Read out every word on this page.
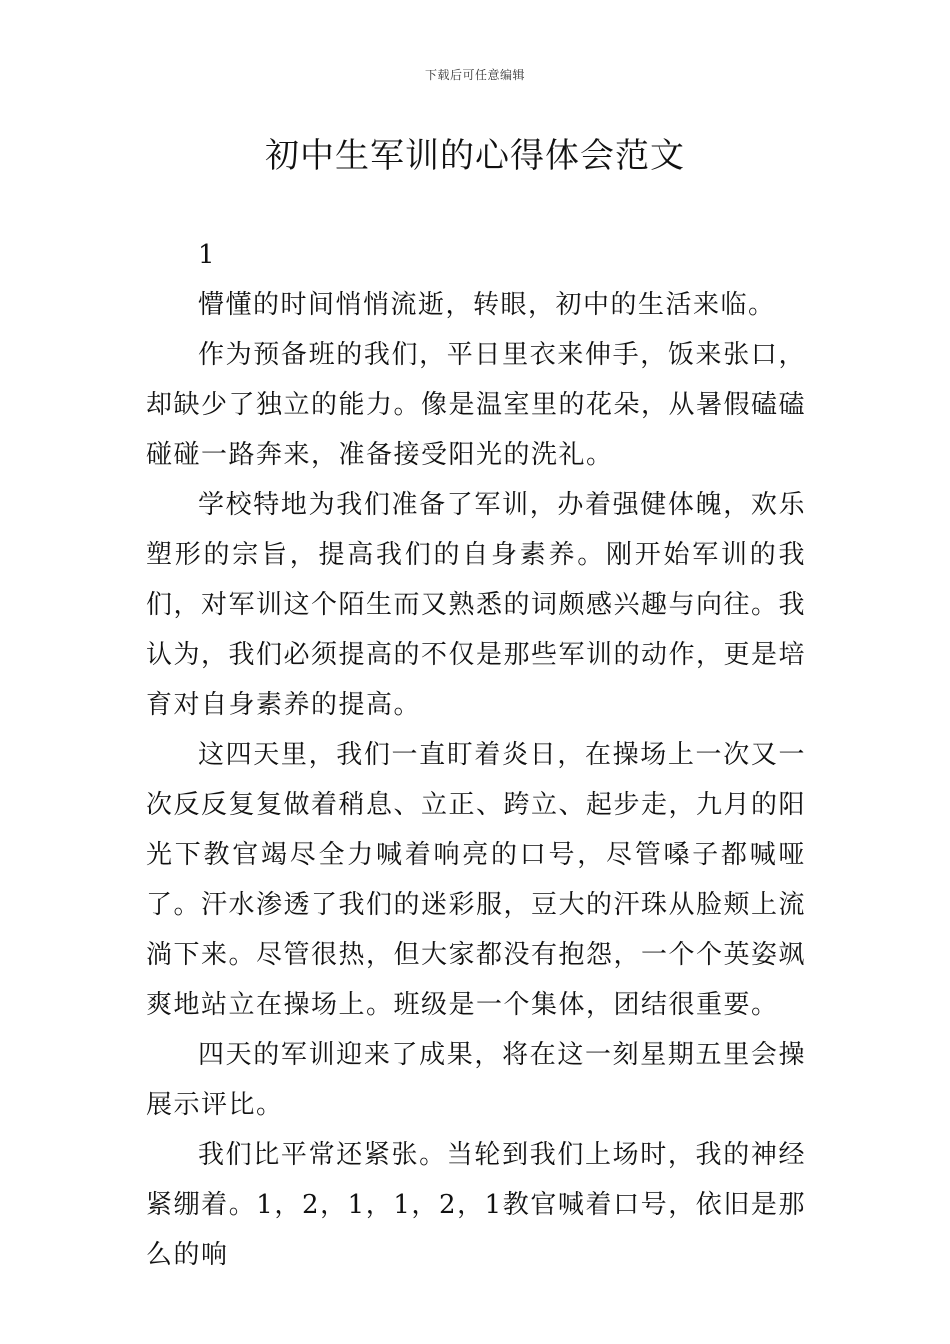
下载后可任意编辑
初中生军训的心得体会范文

1

懵懂的时间悄悄流逝，转眼，初中的生活来临。

作为预备班的我们，平日里衣来伸手，饭来张口，却缺少了独立的能力。像是温室里的花朵，从暑假磕磕碰碰一路奔来，准备接受阳光的洗礼。

学校特地为我们准备了军训，办着强健体魄，欢乐塑形的宗旨，提高我们的自身素养。刚开始军训的我们，对军训这个陌生而又熟悉的词颇感兴趣与向往。我认为，我们必须提高的不仅是那些军训的动作，更是培育对自身素养的提高。

这四天里，我们一直盯着炎日，在操场上一次又一次反反复复做着稍息、立正、跨立、起步走，九月的阳光下教官竭尽全力喊着响亮的口号，尽管嗓子都喊哑了。汗水渗透了我们的迷彩服，豆大的汗珠从脸颊上流淌下来。尽管很热，但大家都没有抱怨，一个个英姿飒爽地站立在操场上。班级是一个集体，团结很重要。

四天的军训迎来了成果，将在这一刻星期五里会操展示评比。

我们比平常还紧张。当轮到我们上场时，我的神经紧绷着。1，2，1，1，2，1教官喊着口号，依旧是那么的响
